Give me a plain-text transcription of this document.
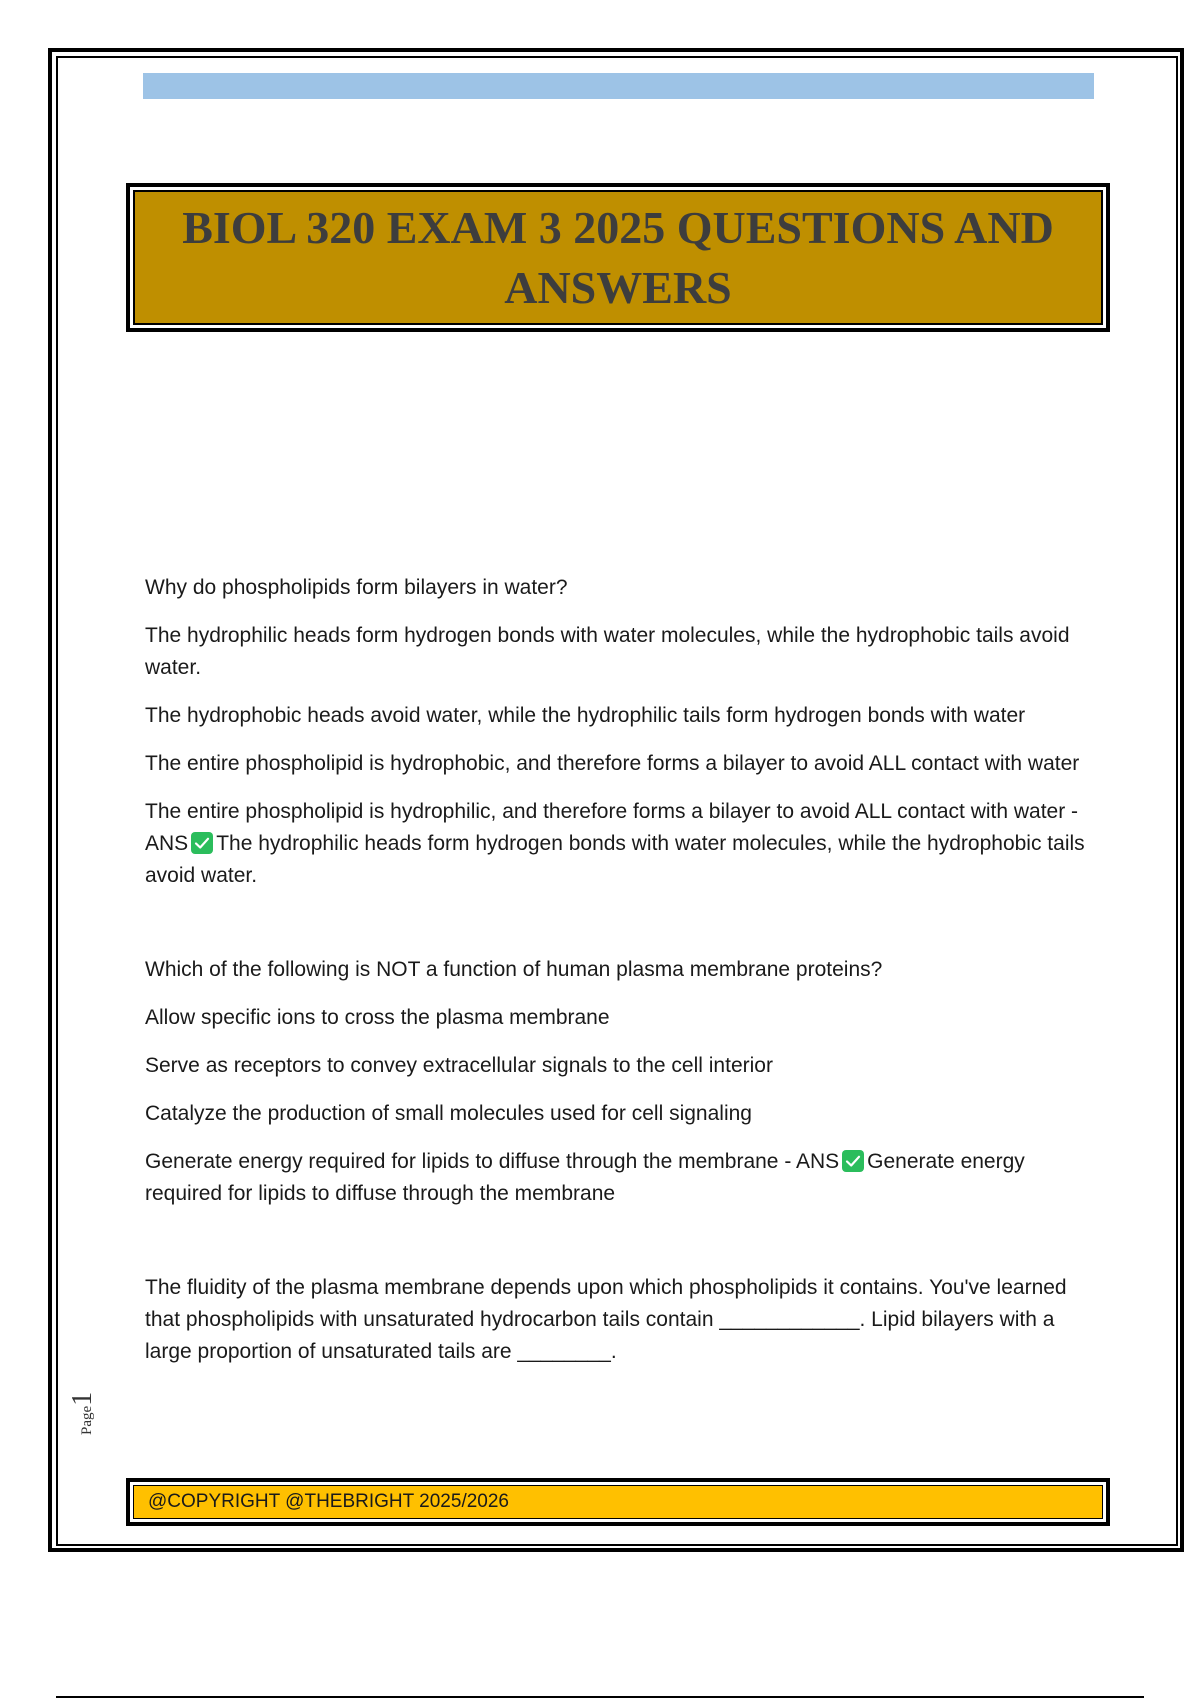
BIOL 320 EXAM 3 2025 QUESTIONS AND ANSWERS

Why do phospholipids form bilayers in water?

The hydrophilic heads form hydrogen bonds with water molecules, while the hydrophobic tails avoid water.

The hydrophobic heads avoid water, while the hydrophilic tails form hydrogen bonds with water

The entire phospholipid is hydrophobic, and therefore forms a bilayer to avoid ALL contact with water

The entire phospholipid is hydrophilic, and therefore forms a bilayer to avoid ALL contact with water - ANS The hydrophilic heads form hydrogen bonds with water molecules, while the hydrophobic tails avoid water.

Which of the following is NOT a function of human plasma membrane proteins?

Allow specific ions to cross the plasma membrane

Serve as receptors to convey extracellular signals to the cell interior

Catalyze the production of small molecules used for cell signaling

Generate energy required for lipids to diffuse through the membrane - ANS Generate energy required for lipids to diffuse through the membrane

The fluidity of the plasma membrane depends upon which phospholipids it contains. You've learned that phospholipids with unsaturated hydrocarbon tails contain ____________. Lipid bilayers with a large proportion of unsaturated tails are ________.

Page1
@COPYRIGHT @THEBRIGHT 2025/2026
